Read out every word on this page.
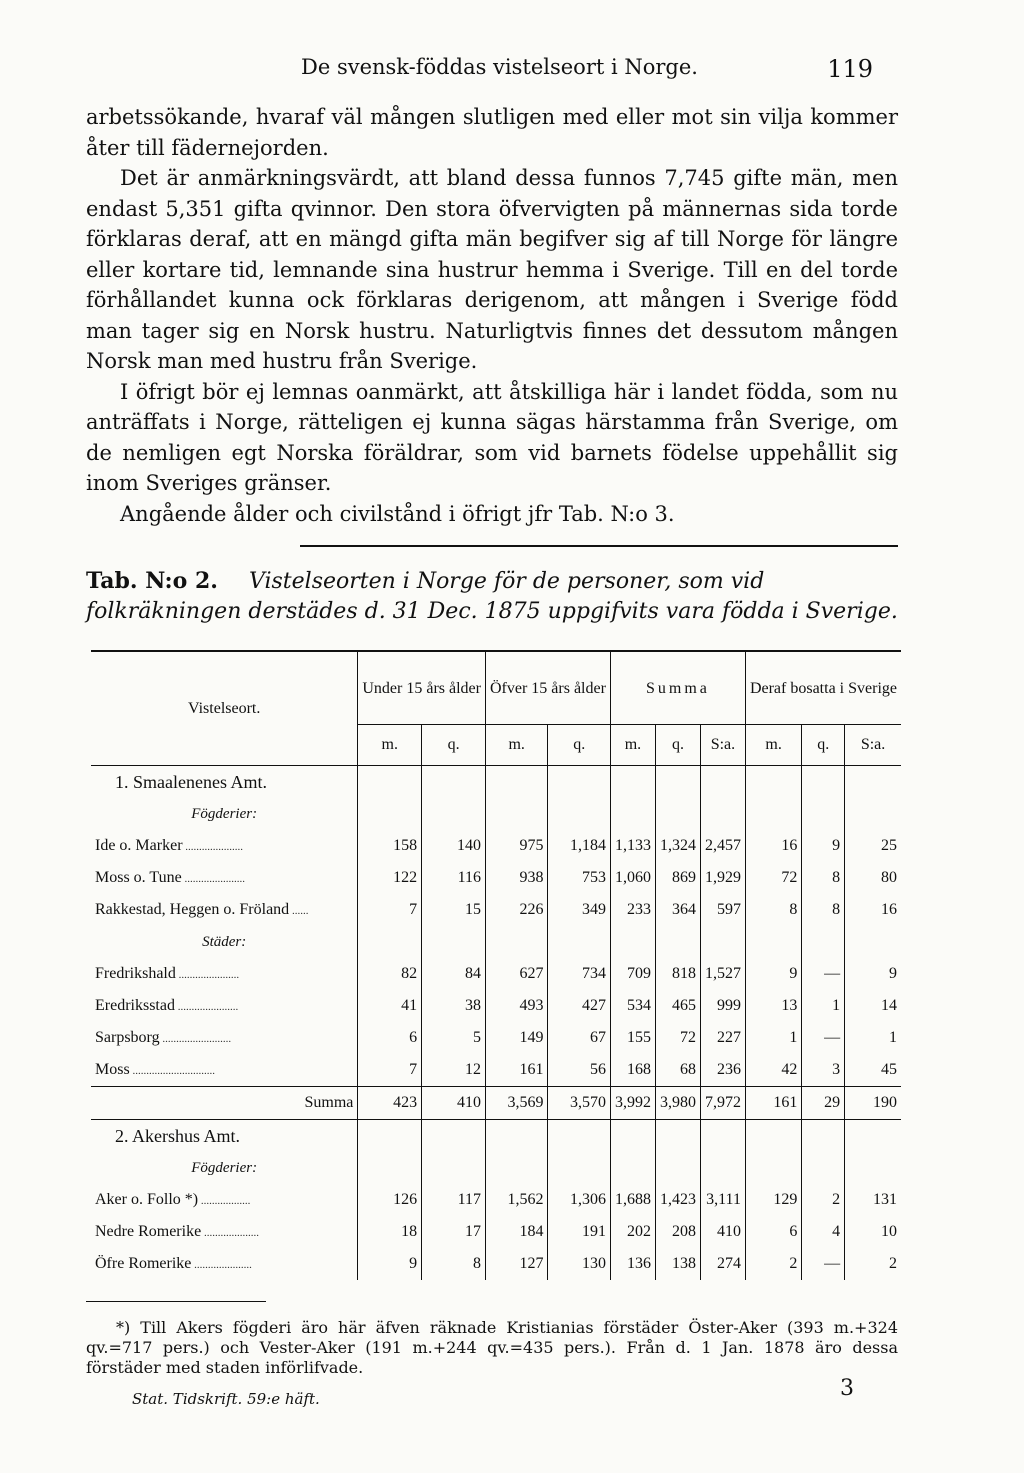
De svensk-föddas vistelseort i Norge.	119

arbetssökande, hvaraf väl mången slutligen med eller mot sin vilja kommer åter till fädernejorden.

Det är anmärkningsvärdt, att bland dessa funnos 7,745 gifte män, men endast 5,351 gifta qvinnor. Den stora öfvervigten på männernas sida torde förklaras deraf, att en mängd gifta män begifver sig af till Norge för längre eller kortare tid, lemnande sina hustrur hemma i Sverige. Till en del torde förhållandet kunna ock förklaras derigenom, att mången i Sverige född man tager sig en Norsk hustru. Naturligtvis finnes det dessutom mången Norsk man med hustru från Sverige.

I öfrigt bör ej lemnas oanmärkt, att åtskilliga här i landet födda, som nu anträffats i Norge, rätteligen ej kunna sägas härstamma från Sverige, om de nemligen egt Norska föräldrar, som vid barnets födelse uppehållit sig inom Sveriges gränser.

Angående ålder och civilstånd i öfrigt jfr Tab. N:o 3.

Tab. N:o 2. Vistelseorten i Norge för de personer, som vid folkräkningen derstädes d. 31 Dec. 1875 uppgifvits vara födda i Sverige.
Vistelseort.	Under 15 års ålder		Öfver 15 års ålder		Summa			Deraf bosatta i Sverige		
	m.	q.	m.	q.	m.	q.	S:a.	m.	q.	S:a.
1. Smaalenenes Amt.										
Fögderier:										
Ide o. Marker .....................	158	140	975	1,184	1,133	1,324	2,457	16	9	25
Moss o. Tune ......................	122	116	938	753	1,060	869	1,929	72	8	80
Rakkestad, Heggen o. Fröland ......	7	15	226	349	233	364	597	8	8	16
Städer:										
Fredrikshald ......................	82	84	627	734	709	818	1,527	9	—	9
Eredriksstad ......................	41	38	493	427	534	465	999	13	1	14
Sarpsborg .........................	6	5	149	67	155	72	227	1	—	1
Moss ..............................	7	12	161	56	168	68	236	42	3	45
Summa	423	410	3,569	3,570	3,992	3,980	7,972	161	29	190
2. Akershus Amt.										
Fögderier:										
Aker o. Follo *) ..................	126	117	1,562	1,306	1,688	1,423	3,111	129	2	131
Nedre Romerike ....................	18	17	184	191	202	208	410	6	4	10
Öfre Romerike .....................	9	8	127	130	136	138	274	2	—	2

*) Till Akers fögderi äro här äfven räknade Kristianias förstäder Öster-Aker (393 m.+324 qv.=717 pers.) och Vester-Aker (191 m.+244 qv.=435 pers.). Från d. 1 Jan. 1878 äro dessa förstäder med staden införlifvade.

Stat. Tidskrift. 59:e häft.	3
